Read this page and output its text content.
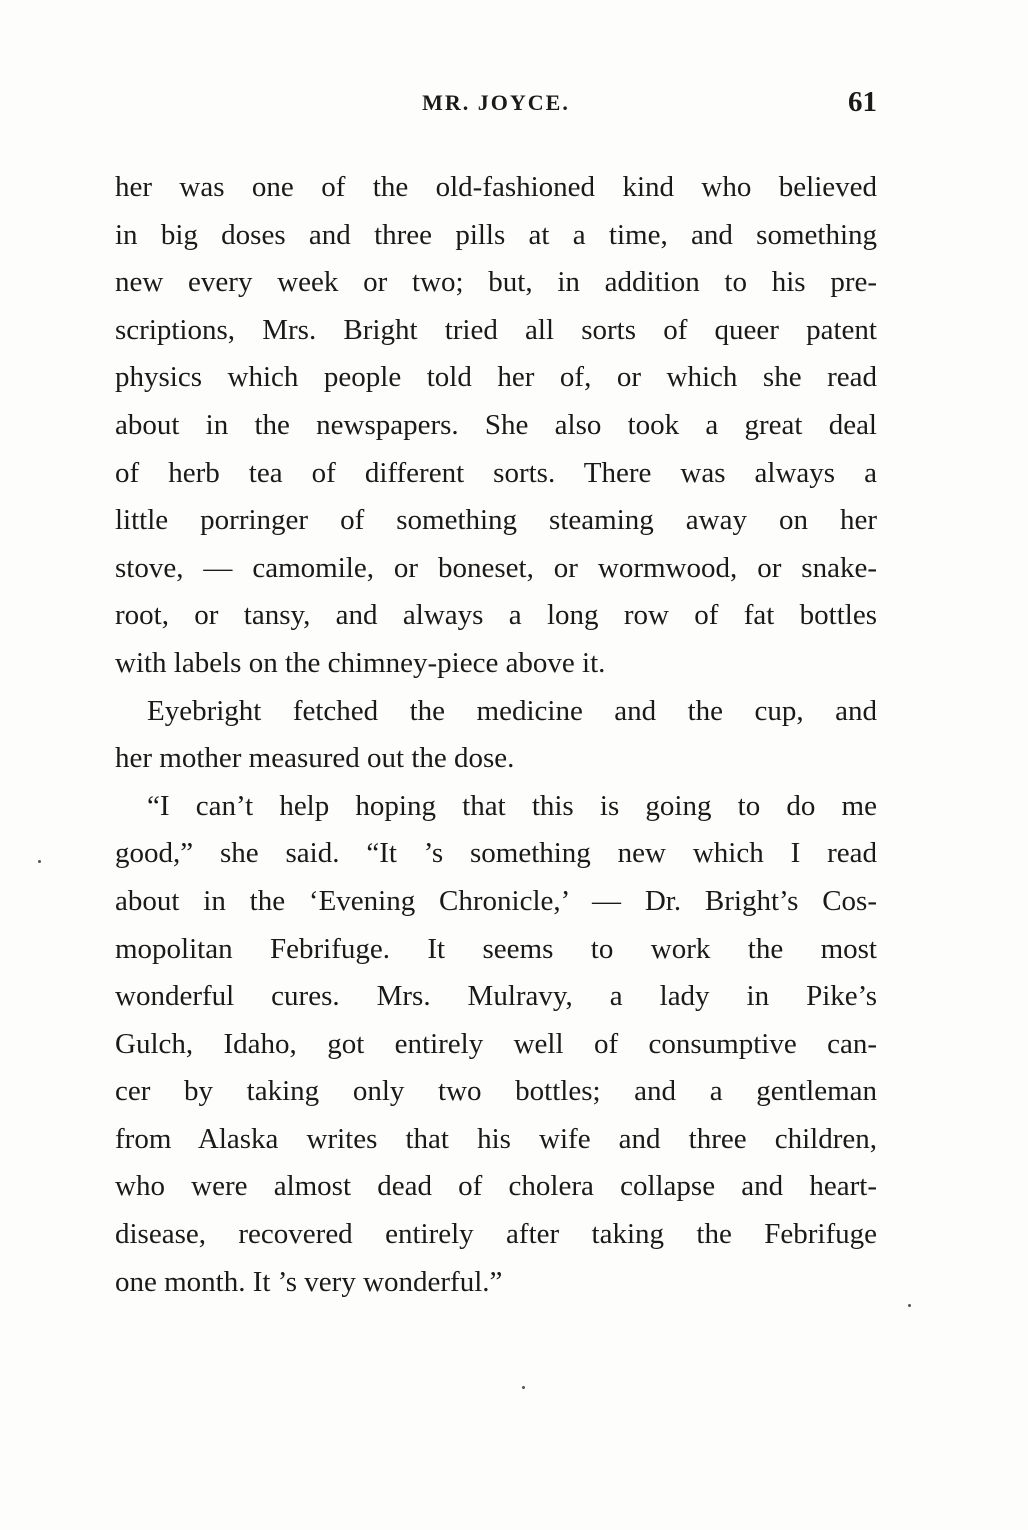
MR. JOYCE.	61
her was one of the old-fashioned kind who believed
in big doses and three pills at a time, and something
new every week or two; but, in addition to his pre-
scriptions, Mrs. Bright tried all sorts of queer patent
physics which people told her of, or which she read
about in the newspapers. She also took a great deal
of herb tea of different sorts. There was always a
little porringer of something steaming away on her
stove, — camomile, or boneset, or wormwood, or snake-
root, or tansy, and always a long row of fat bottles
with labels on the chimney-piece above it.
Eyebright fetched the medicine and the cup, and
her mother measured out the dose.
“I can’t help hoping that this is going to do me
good,” she said. “It ’s something new which I read
about in the ‘Evening Chronicle,’ — Dr. Bright’s Cos-
mopolitan Febrifuge. It seems to work the most
wonderful cures. Mrs. Mulravy, a lady in Pike’s
Gulch, Idaho, got entirely well of consumptive can-
cer by taking only two bottles; and a gentleman
from Alaska writes that his wife and three children,
who were almost dead of cholera collapse and heart-
disease, recovered entirely after taking the Febrifuge
one month. It ’s very wonderful.”
